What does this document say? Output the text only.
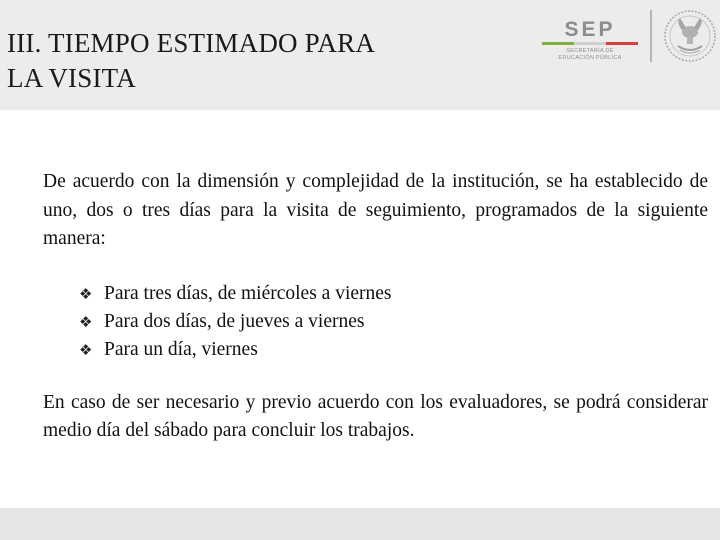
III. TIEMPO ESTIMADO PARA
LA VISITA
SEP
SECRETARÍA DE
EDUCACIÓN PÚBLICA

De acuerdo con la dimensión y complejidad de la institución, se ha establecido de uno, dos o tres días para la visita de seguimiento, programados de la siguiente manera:

❖ Para tres días, de miércoles a viernes
❖ Para dos días, de jueves a viernes
❖ Para un día, viernes

En caso de ser necesario y previo acuerdo con los evaluadores, se podrá considerar medio día del sábado para concluir los trabajos.
